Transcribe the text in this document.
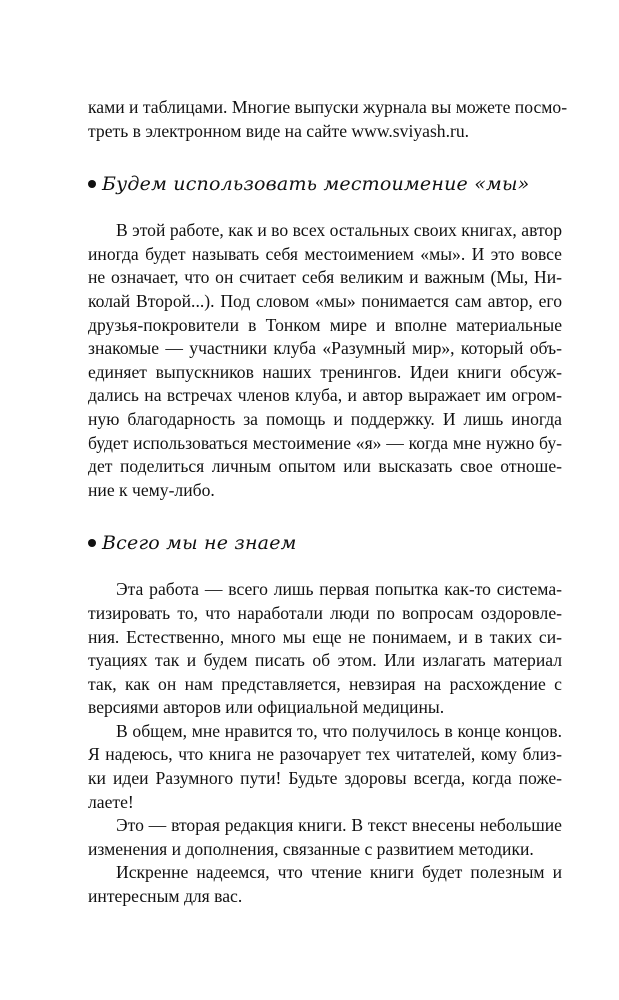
ками и таблицами. Многие выпуски журнала вы можете посмо-
треть в электронном виде на сайте www.sviyash.ru.
Будем использовать местоимение «мы»
В этой работе, как и во всех остальных своих книгах, автор
иногда будет называть себя местоимением «мы». И это вовсе
не означает, что он считает себя великим и важным (Мы, Ни-
колай Второй...). Под словом «мы» понимается сам автор, его
друзья-покровители в Тонком мире и вполне материальные
знакомые — участники клуба «Разумный мир», который объ-
единяет выпускников наших тренингов. Идеи книги обсуж-
дались на встречах членов клуба, и автор выражает им огром-
ную благодарность за помощь и поддержку. И лишь иногда
будет использоваться местоимение «я» — когда мне нужно бу-
дет поделиться личным опытом или высказать свое отноше-
ние к чему-либо.
Всего мы не знаем
Эта работа — всего лишь первая попытка как-то система-
тизировать то, что наработали люди по вопросам оздоровле-
ния. Естественно, много мы еще не понимаем, и в таких си-
туациях так и будем писать об этом. Или излагать материал
так, как он нам представляется, невзирая на расхождение с
версиями авторов или официальной медицины.
В общем, мне нравится то, что получилось в конце концов.
Я надеюсь, что книга не разочарует тех читателей, кому близ-
ки идеи Разумного пути! Будьте здоровы всегда, когда поже-
лаете!
Это — вторая редакция книги. В текст внесены небольшие
изменения и дополнения, связанные с развитием методики.
Искренне надеемся, что чтение книги будет полезным и
интересным для вас.
